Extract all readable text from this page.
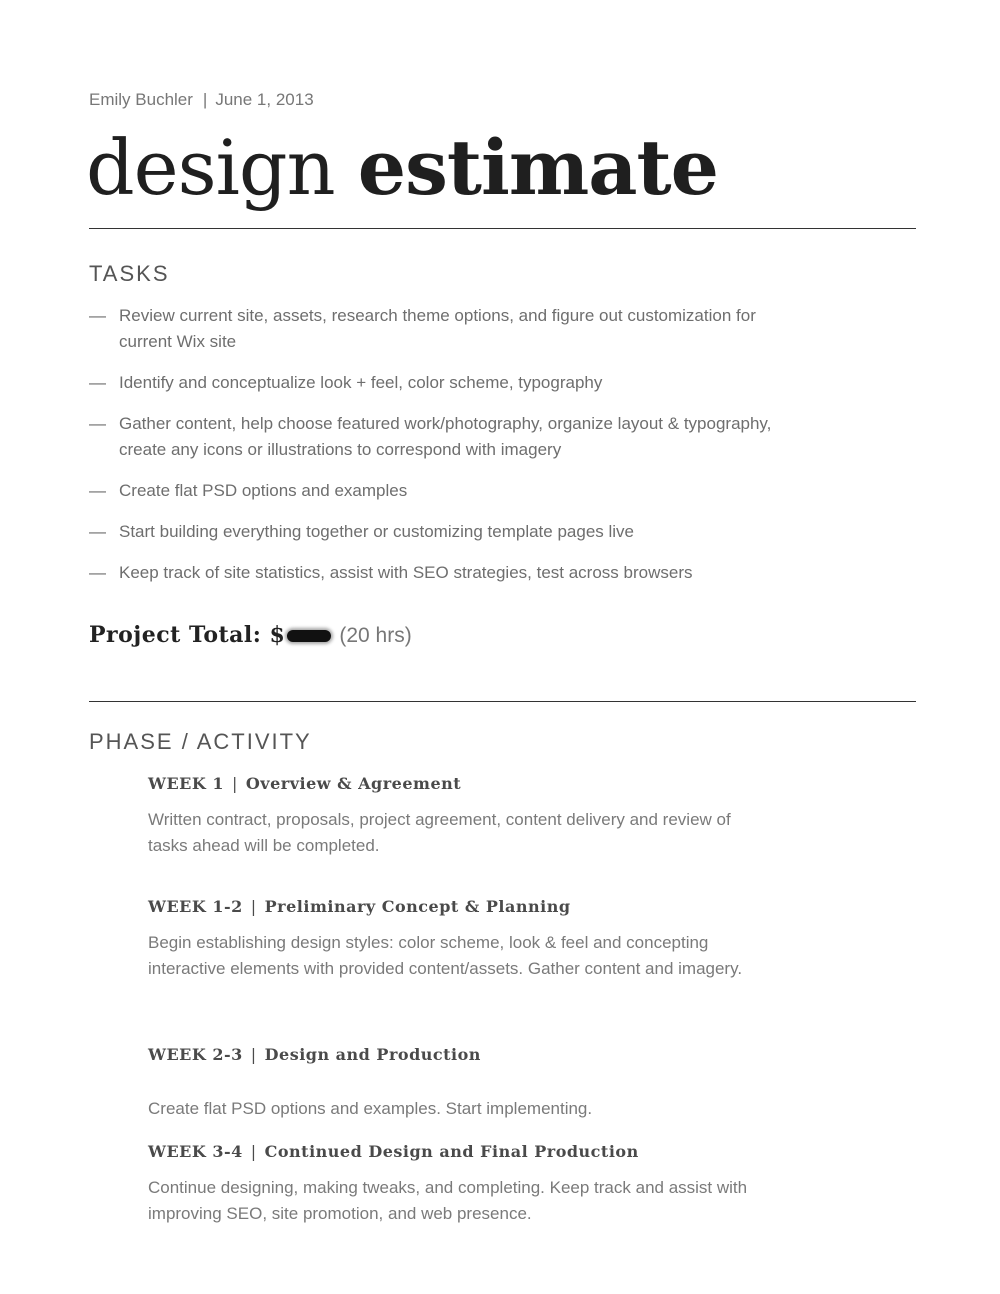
Emily Buchler | June 1, 2013
design estimate
TASKS
— Review current site, assets, research theme options, and figure out customization for current Wix site
— Identify and conceptualize look + feel, color scheme, typography
— Gather content, help choose featured work/photography, organize layout & typography, create any icons or illustrations to correspond with imagery
— Create flat PSD options and examples
— Start building everything together or customizing template pages live
— Keep track of site statistics, assist with SEO strategies, test across browsers
Project Total: $	(20 hrs)
PHASE / ACTIVITY
WEEK 1 | Overview & Agreement
Written contract, proposals, project agreement, content delivery and review of tasks ahead will be completed.
WEEK 1-2 | Preliminary Concept & Planning
Begin establishing design styles: color scheme, look & feel and concepting interactive elements with provided content/assets. Gather content and imagery.
WEEK 2-3 | Design and Production
Create flat PSD options and examples. Start implementing.
WEEK 3-4 | Continued Design and Final Production
Continue designing, making tweaks, and completing. Keep track and assist with improving SEO, site promotion, and web presence.
